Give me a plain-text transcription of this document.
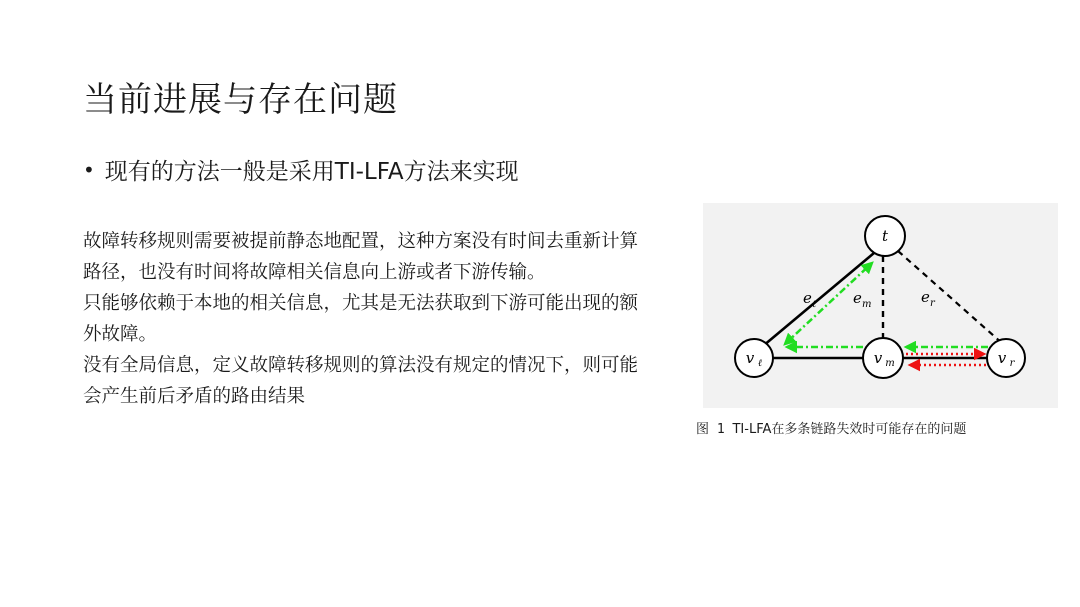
当前进展与存在问题
• 现有的方法一般是采用TI-LFA方法来实现

故障转移规则需要被提前静态地配置，这种方案没有时间去重新计算路径，也没有时间将故障相关信息向上游或者下游传输。

只能够依赖于本地的相关信息，尤其是无法获取到下游可能出现的额外故障。

没有全局信息，定义故障转移规则的算法没有规定的情况下，则可能会产生前后矛盾的路由结果

t
v ℓ	v m	v r
e ℓ e m	e r
图 1 TI-LFA在多条链路失效时可能存在的问题
